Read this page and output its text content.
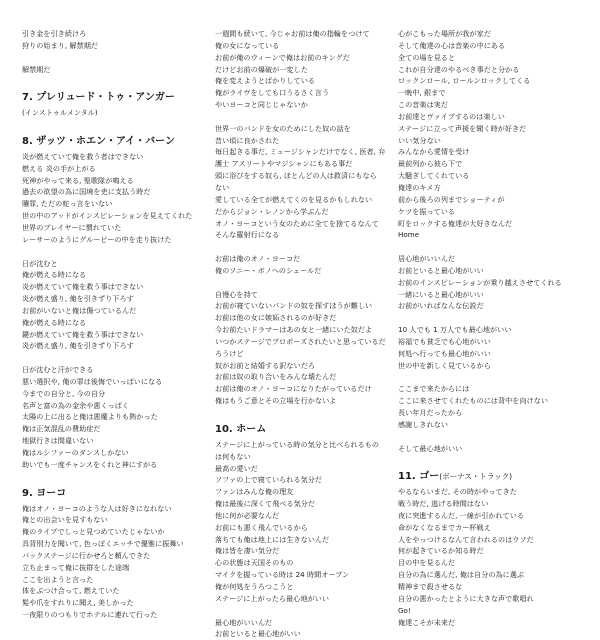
引き金を引き続けろ
狩りの始まり, 解禁期だ
解禁期だ
7. プレリュード・トゥ・アンガー
(インストゥルメンタル)
8. ザッツ・ホエン・アイ・バーン
炎が燃えていて俺を救う者はできない
燃える 炎の手が上がる
死神がやって来る, 聖歌隊が鳴える
過去の欲望の為に国境を吏に支払う時だ
贖罪, ただの蛇っ言をいない
世の中のアッドがインスピレーションを見えてくれた
世界のプレイヤーに慣れていた
レーサーのようにグルーピーの中を走り抜けた
日が沈むと
俺が燃える時になる
炎が燃えていて俺を救う事はできない
炎が燃え盛り, 俺を引きずり下ろす
お前がいないと俺は傷つているんだ
俺が燃える時になる
鍵が燃えていて俺を救う事はできない
炎が燃え盛り, 俺を引きずり下ろす
日が沈むと汗ができる
悪い選択や, 俺の罪は後悔でいっぱいになる
今までの自分と, 今の自分
名声と富の為の金余や悪くっぱく
太陽の上に出ると俺は悪魔よりも熱かった
俺は正気混乱の費助症だ
地獄行きは間違いない
俺はルシファーのダンスしかない
助いでも一度チャンスをくれと神にすがる
9. ヨーコ
俺はオノ・ヨーコのような人は好きになれない
俺との出会いを見すもない
俺のライブでしっと見つめていたじゃないか
具背別力を聞いて, 色っぽくエッチで優雅に振舞い
バックステージに行かせろと頼んできた
立ち止まって俺に抜群をした途端
ここを出ようと言った
体をぶつけ合って, 燃えていた
髪や爪をすれりに聞え, 美しかった
一夜限りのつもりでホテルに連れて行った
一週間も続いて, 今じゃお前は俺の指輪をつけて
俺の女になっている
お前が俺のウィーンで俺はお前のキングだ
だけどお前の爆破が一変した
俺を変えようとばかりしている
俺がライヴをしても口うるさく言う
やいヨーコと同じじゃないか
世界一のバンドを女のためにした奴の話を
昔い頃に良かされた
毎日起きる事だ, ミュージシャンだけでなく, 医者, 弁
護士 アスリートやマジシャンにもある事だ
頭に浴びをする奴ら, ほとんどの人は救済にもなら
ない
愛している全てが燃えてくのを見るかもしれない
だからジョン・レノンから学ぶんだ
オノ・ヨーコという女のために全てを捨てるなんて
そんな羅射行になる
お前は俺のオノ・ヨーコだ
俺のソニー・ボノへのシェールだ
自慢心を持て
お前が寝ていないバンドの奴を探すほうが難しい
お前は他の女に嫉妬されるのが好きだ
今お前たいドラマーはあの女と一緒にいた奴だよ
いつかステージでプロポーズされたいと思っているだ
ろうけど
奴がお前と結婚する訳ないだろ
お前は奴の取り合いをみんな壊たんだ
お前は俺のオノ・ヨーコになりたがっているだけ
俺はもうご意とその立場を行かないよ
10. ホーム
ステージに上がっている時の気分と比べられるもの
は何もない
最高の愛いだ
ソファの上で寝ていられる気分だ
ファンはみんな俺の理友
俺は最後に深くて飛べる気分だ
他に何が必要なんだ
お前にも悪く飛んでいるから
落ちても俺は地上には生きないんだ
俺は皆を凄い気分だ
心の状態は天国そのもの
マイクを握っている時は 24 時間オープン
俺が何処をうろつこうと
ステージに上がったら最心地がいい
最心地がいいんだ
お前といると最心地がいい
心がこもった場所が我が家だ
そして俺達の心は音楽の中にある
全ての場を見ると
これが自分達のやるべき事だと分かる
ロックンロール, ロールンロックしてくる
一晩中, 銀まで
この音楽は実だ
お前達とヴァイブするのは楽しい
ステージに立って声援を聞く時が好きだ
いい気分ない
みんなから愛情を受け
最前列から彼ら下で
大騒ぎしてくれている
俺達のキメ方
前から後ろの列までショーティが
ケツを振っている
町をロックする俺達が大好きなんだ
Home
居心地がいいんだ
お前といると最心地がいい
お前のインスピレーションが乗り越えさせてくれる
一緒にいると最心地がいい
お前がいればなんな伝説だ
10 人でも 1 万人でも最心地がいい
裕福でも貧乏でも心地がいい
何処へ行っても最心地がいい
世の中を新しく見ているから
ここまで来たからには
ここに来させてくれたものには背中を向けない
長い年月だったから
感謝しきれない
そして最心地がいい
11. ゴー(ボーナス・トラック)
やるならいまだ, その時がやってきた
戦う時だ, 逃げる時間はない
夜に突進するんだ, 一線が引かれている
命がなくなるまでカー杯戦え
人をやっつけるなんて言われるのはウソだ
何が起きているか知る時だ
目の中を見るんだ
自分の為に選んだ, 俺は自分の為に選ぶ
精神まで殺させるな
自分の悪かったとように大きな声で歌唱れ
Go!
俺達こそが未来だ
